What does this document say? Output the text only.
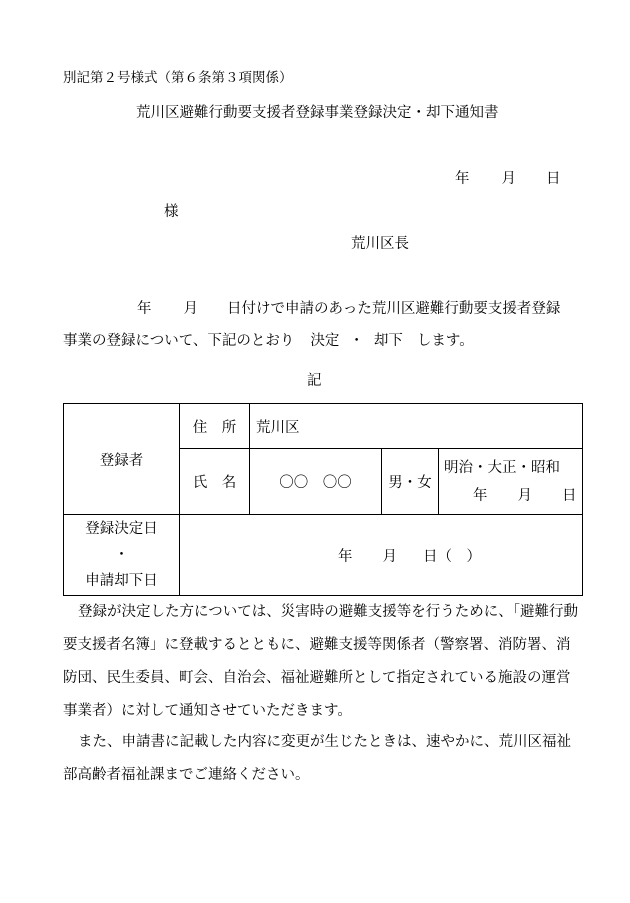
別記第２号様式（第６条第３項関係）
荒川区避難行動要支援者登録事業登録決定・却下通知書
年 月 日
様
荒川区長
年 月 日付けで申請のあった荒川区避難行動要支援者登録
事業の登録について、下記のとおり 決定 ・ 却下 します。
記
登録者	住　所	荒川区		
	氏　名	〇〇　〇〇	男・女	明治・大正・昭和
年 月 日

登録決定日
・
申請却下日	年 月 日（　）			
登録が決定した方については、災害時の避難支援等を行うために、「避難行動要支援者名簿」に登載するとともに、避難支援等関係者（警察署、消防署、消防団、民生委員、町会、自治会、福祉避難所として指定されている施設の運営事業者）に対して通知させていただきます。
また、申請書に記載した内容に変更が生じたときは、速やかに、荒川区福祉部高齢者福祉課までご連絡ください。
